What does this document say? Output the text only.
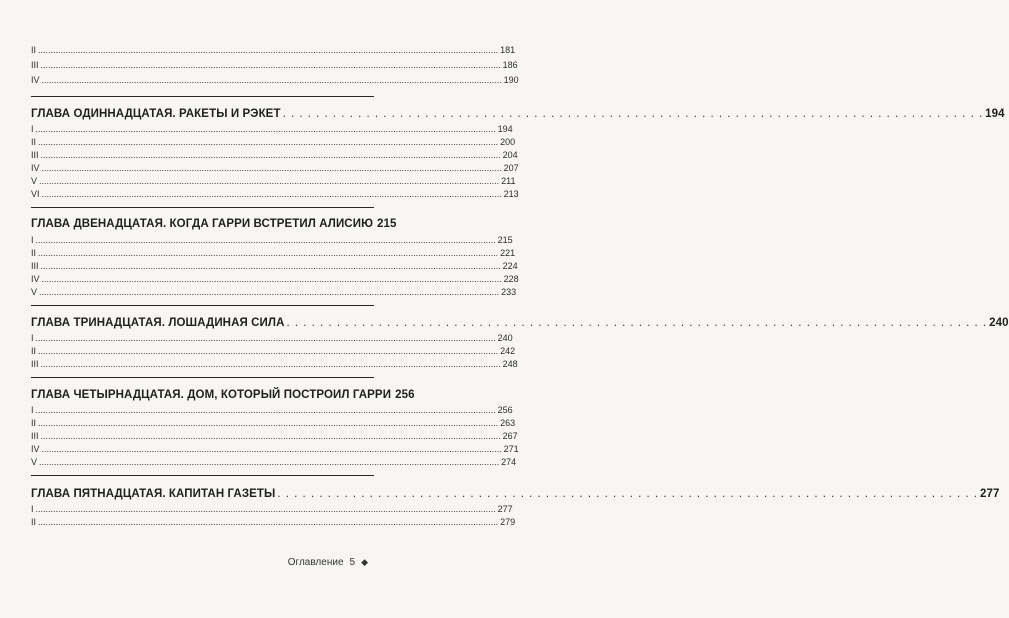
II .....	181
III .....	186
IV .....	190
ГЛАВА ОДИННАДЦАТАЯ. РАКЕТЫ И РЭКЕТ . . .	194
I .....	194
II .....	200
III .....	204
IV .....	207
V .....	211
VI .....	213
ГЛАВА ДВЕНАДЦАТАЯ. КОГДА ГАРРИ ВСТРЕТИЛ АЛИСИЮ 215
I .....	215
II .....	221
III .....	224
IV .....	228
V .....	233
ГЛАВА ТРИНАДЦАТАЯ. ЛОШАДИНАЯ СИЛА . . .	240
I .....	240
II .....	242
III .....	248
ГЛАВА ЧЕТЫРНАДЦАТАЯ. ДОМ, КОТОРЫЙ ПОСТРОИЛ ГАРРИ 256
I .....	256
II .....	263
III .....	267
IV .....	271
V .....	274
ГЛАВА ПЯТНАДЦАТАЯ. КАПИТАН ГАЗЕТЫ . . .	277
I .....	277
II .....	279
Оглавление 5 ◆
